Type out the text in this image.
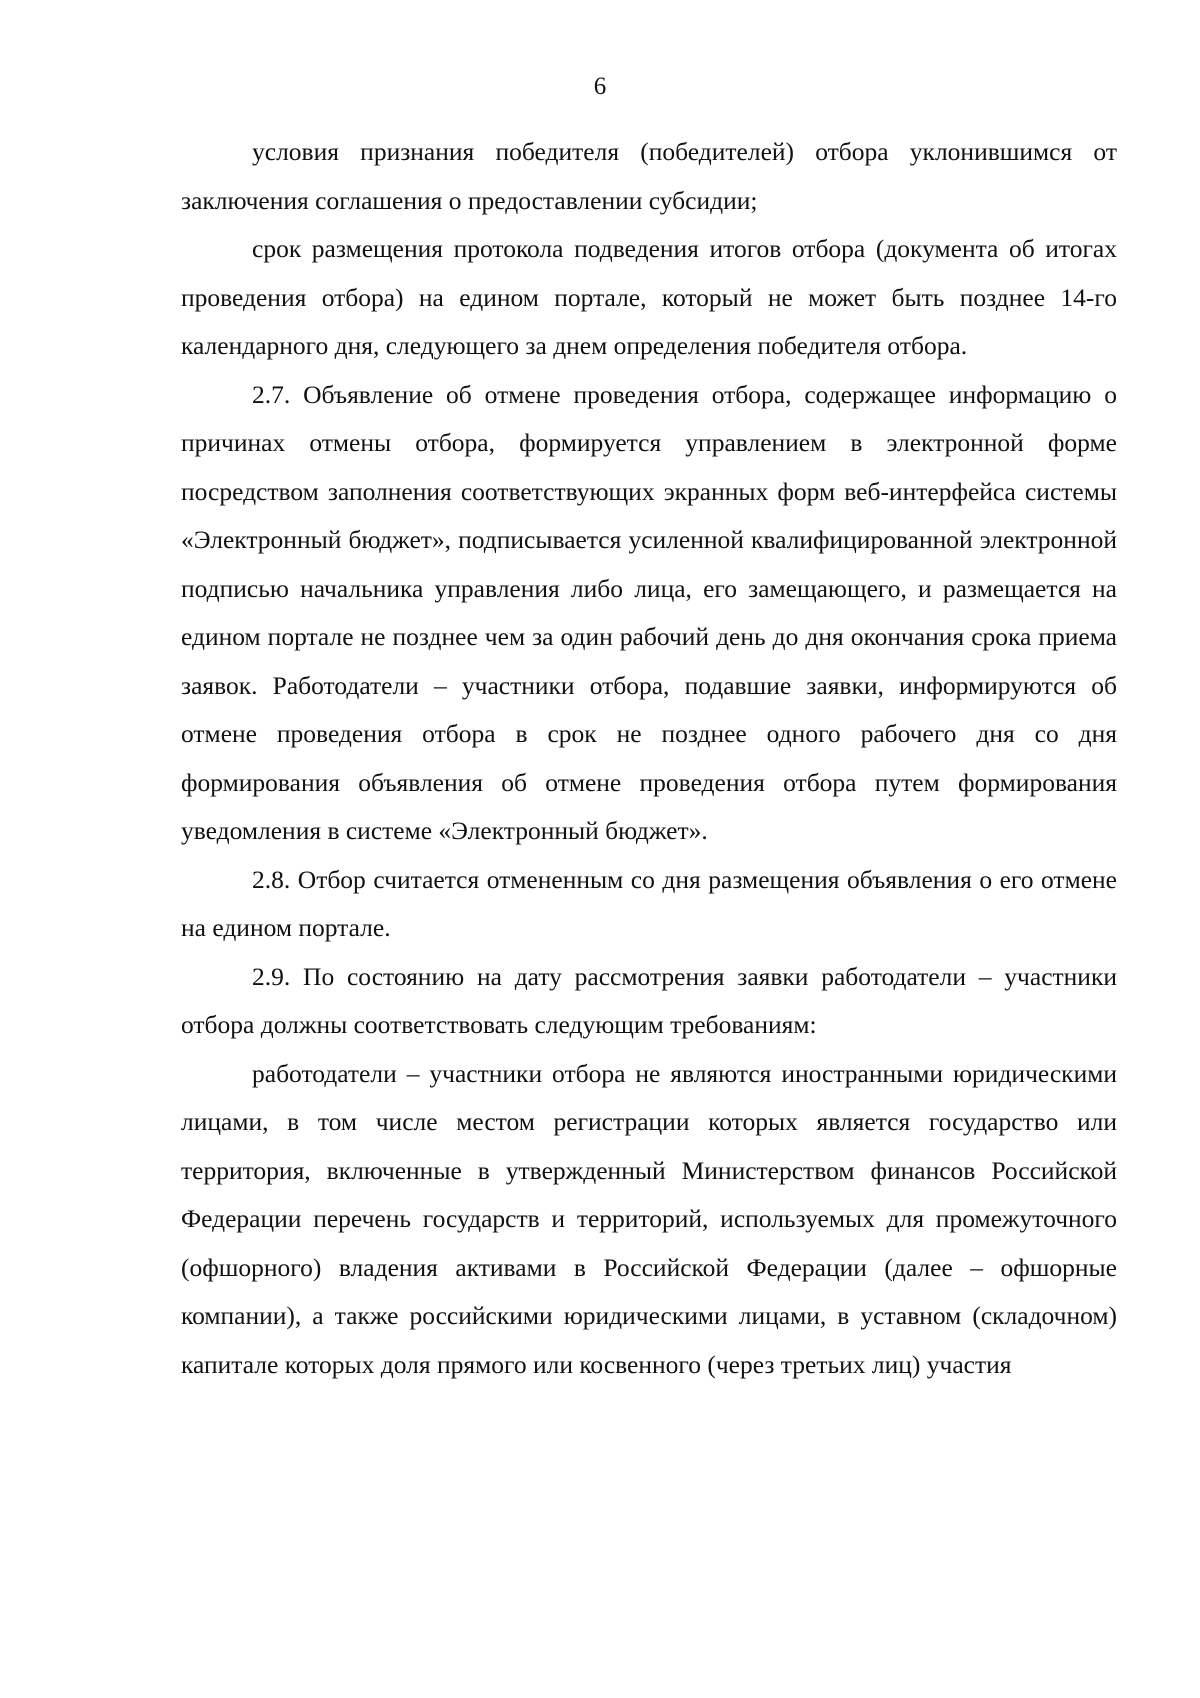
6

условия признания победителя (победителей) отбора уклонившимся от заключения соглашения о предоставлении субсидии;

срок размещения протокола подведения итогов отбора (документа об итогах проведения отбора) на едином портале, который не может быть позднее 14-го календарного дня, следующего за днем определения победителя отбора.

2.7. Объявление об отмене проведения отбора, содержащее информацию о причинах отмены отбора, формируется управлением в электронной форме посредством заполнения соответствующих экранных форм веб-интерфейса системы «Электронный бюджет», подписывается усиленной квалифицированной электронной подписью начальника управления либо лица, его замещающего, и размещается на едином портале не позднее чем за один рабочий день до дня окончания срока приема заявок. Работодатели – участники отбора, подавшие заявки, информируются об отмене проведения отбора в срок не позднее одного рабочего дня со дня формирования объявления об отмене проведения отбора путем формирования уведомления в системе «Электронный бюджет».

2.8. Отбор считается отмененным со дня размещения объявления о его отмене на едином портале.

2.9. По состоянию на дату рассмотрения заявки работодатели – участники отбора должны соответствовать следующим требованиям:

работодатели – участники отбора не являются иностранными юридическими лицами, в том числе местом регистрации которых является государство или территория, включенные в утвержденный Министерством финансов Российской Федерации перечень государств и территорий, используемых для промежуточного (офшорного) владения активами в Российской Федерации (далее – офшорные компании), а также российскими юридическими лицами, в уставном (складочном) капитале которых доля прямого или косвенного (через третьих лиц) участия
